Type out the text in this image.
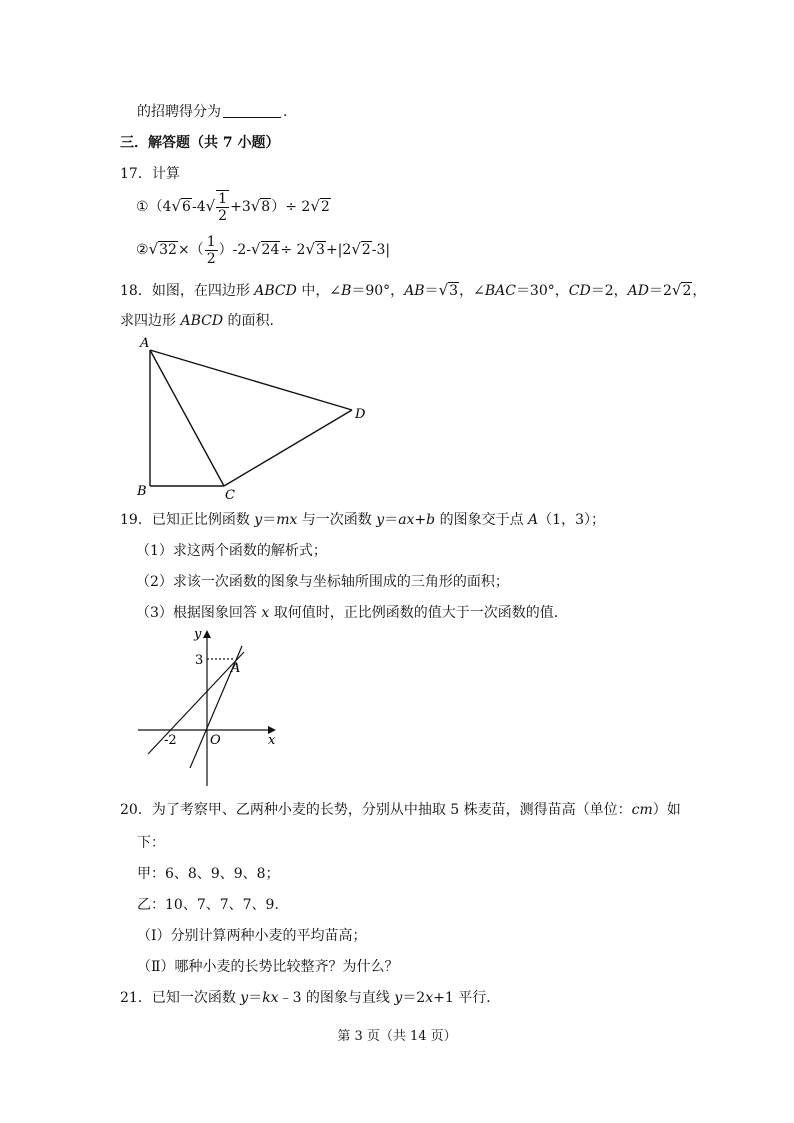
的招聘得分为	.
三．解答题（共 7 小题）
17．计算
①（4√6-4√ $\frac{1}{2} +3√8)\div 2√2$
②√32×（ $\frac{1}{2} )-2-√24\div 2√3+|2√2-3|$
18．如图，在四边形 ABCD 中，∠B＝90°，AB＝√3，∠BAC＝30°，CD＝2，AD＝2√2，
求四边形 ABCD 的面积．
A
B	C
D
19．已知正比例函数 y＝mx 与一次函数 y＝ax+b 的图象交于点 A（1，3）；
（1）求这两个函数的解析式；
（2）求该一次函数的图象与坐标轴所围成的三角形的面积；
（3）根据图象回答 x 取何值时，正比例函数的值大于一次函数的值．
y
x
O
A
3
-2
20．为了考察甲、乙两种小麦的长势，分别从中抽取 5 株麦苗，测得苗高（单位：cm）如
下：
甲：6、8、9、9、8；
乙：10、7、7、7、9．
（Ⅰ）分别计算两种小麦的平均苗高；
（Ⅱ）哪种小麦的长势比较整齐？为什么？
21．已知一次函数 y＝kx﹣3 的图象与直线 y＝2x+1 平行．
第 3 页（共 14 页）
